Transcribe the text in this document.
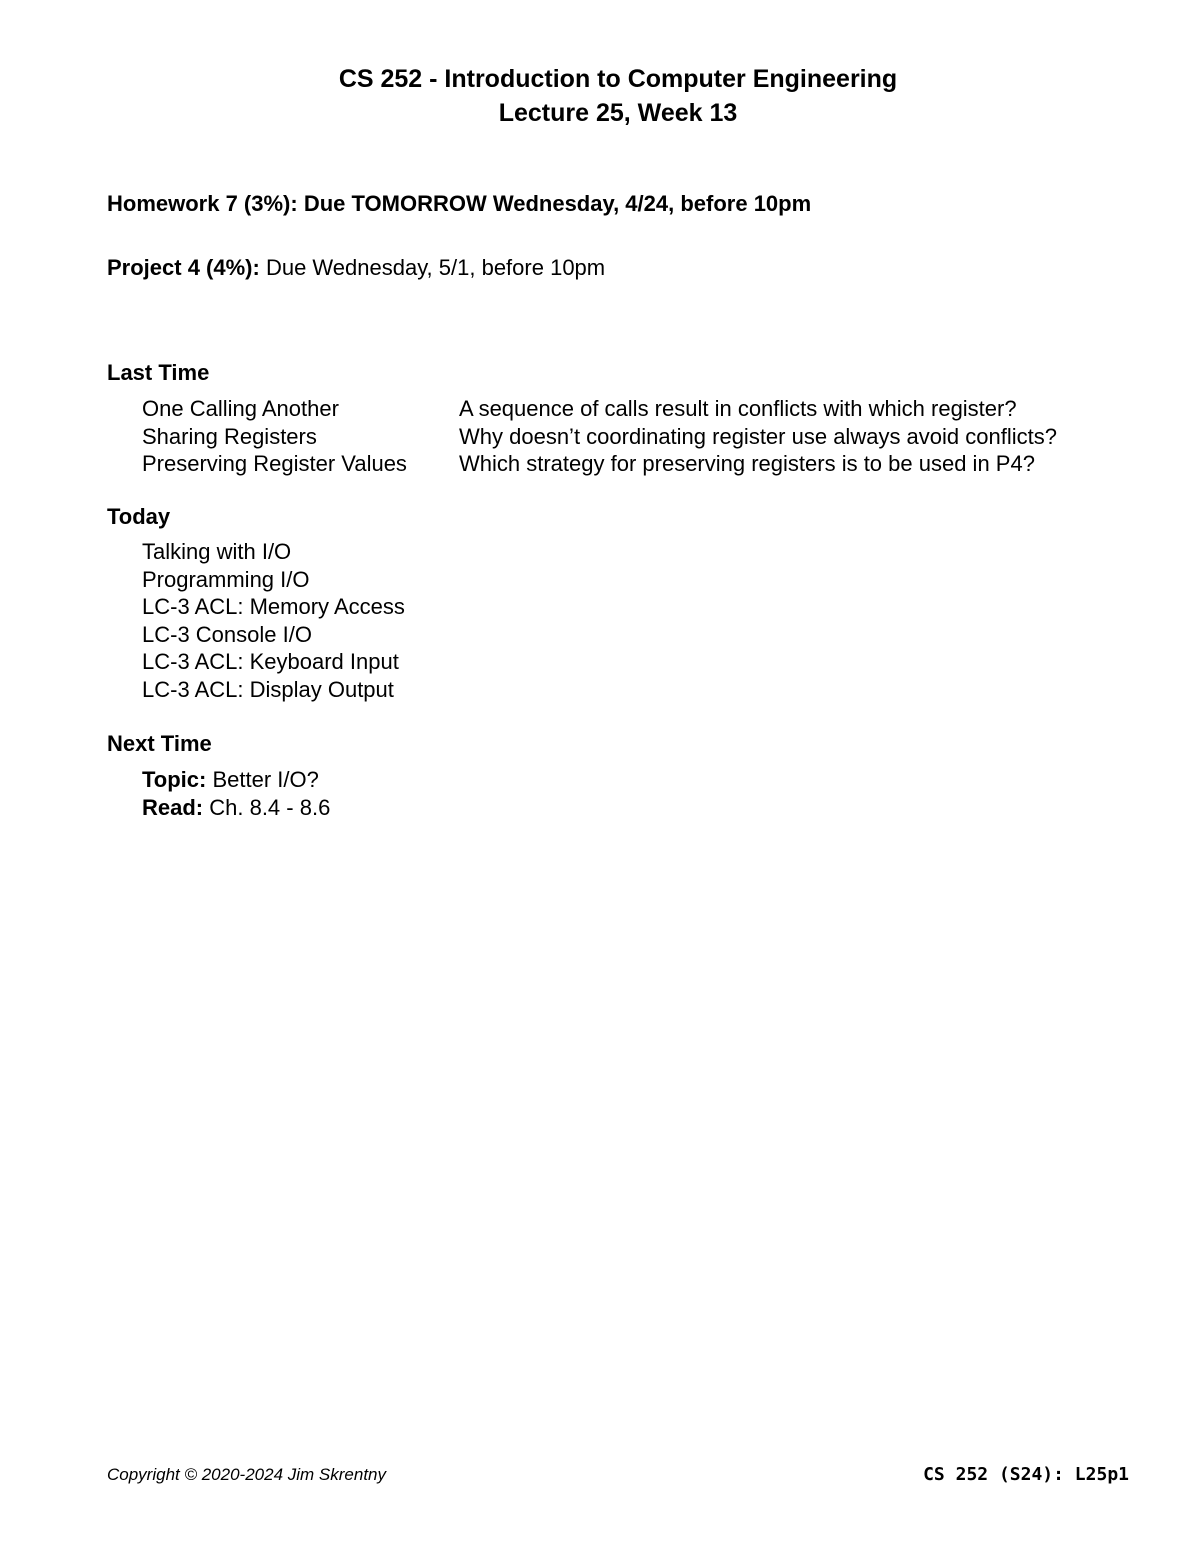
CS 252 - Introduction to Computer Engineering
Lecture 25, Week 13
Homework 7 (3%): Due TOMORROW Wednesday, 4/24, before 10pm
Project 4 (4%): Due Wednesday, 5/1, before 10pm
Last Time
One Calling Another
Sharing Registers
Preserving Register Values
A sequence of calls result in conflicts with which register?
Why doesn’t coordinating register use always avoid conflicts?
Which strategy for preserving registers is to be used in P4?
Today
Talking with I/O
Programming I/O
LC-3 ACL: Memory Access
LC-3 Console I/O
LC-3 ACL: Keyboard Input
LC-3 ACL: Display Output
Next Time
Topic: Better I/O?
Read: Ch. 8.4 - 8.6
Copyright © 2020-2024 Jim Skrentny	CS 252 (S24): L25p1
